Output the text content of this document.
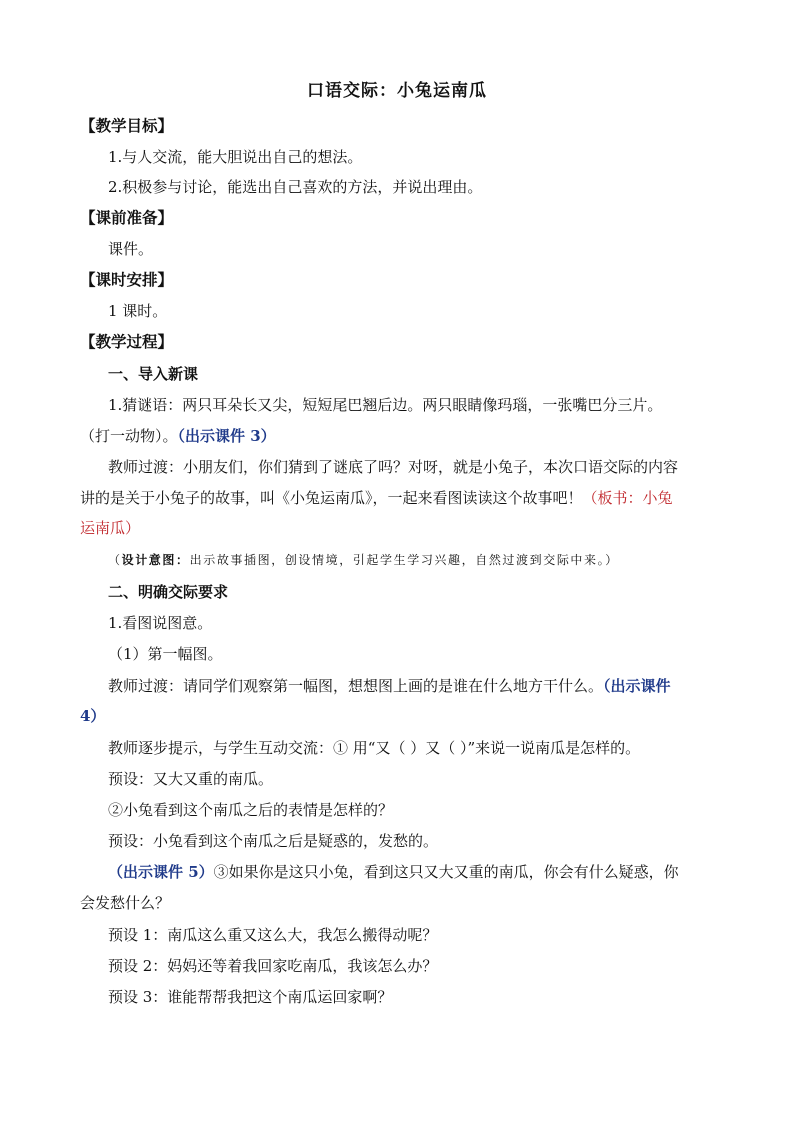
口语交际：小兔运南瓜
【教学目标】
1.与人交流，能大胆说出自己的想法。
2.积极参与讨论，能选出自己喜欢的方法，并说出理由。
【课前准备】
课件。
【课时安排】
1 课时。
【教学过程】
一、导入新课
1.猜谜语：两只耳朵长又尖，短短尾巴翘后边。两只眼睛像玛瑙，一张嘴巴分三片。
（打一动物）。（出示课件 3）
教师过渡：小朋友们，你们猜到了谜底了吗？对呀，就是小兔子，本次口语交际的内容
讲的是关于小兔子的故事，叫《小兔运南瓜》，一起来看图读读这个故事吧！（板书：小兔
运南瓜）
（设计意图：出示故事插图，创设情境，引起学生学习兴趣，自然过渡到交际中来。）
二、明确交际要求
1.看图说图意。
（1）第一幅图。
教师过渡：请同学们观察第一幅图，想想图上画的是谁在什么地方干什么。（出示课件
4）
教师逐步提示，与学生互动交流：① 用“又（ ）又（ ）”来说一说南瓜是怎样的。
预设：又大又重的南瓜。
②小兔看到这个南瓜之后的表情是怎样的？
预设：小兔看到这个南瓜之后是疑惑的，发愁的。
（出示课件 5）③如果你是这只小兔，看到这只又大又重的南瓜，你会有什么疑惑，你
会发愁什么？
预设 1：南瓜这么重又这么大，我怎么搬得动呢？
预设 2：妈妈还等着我回家吃南瓜，我该怎么办？
预设 3：谁能帮帮我把这个南瓜运回家啊？
